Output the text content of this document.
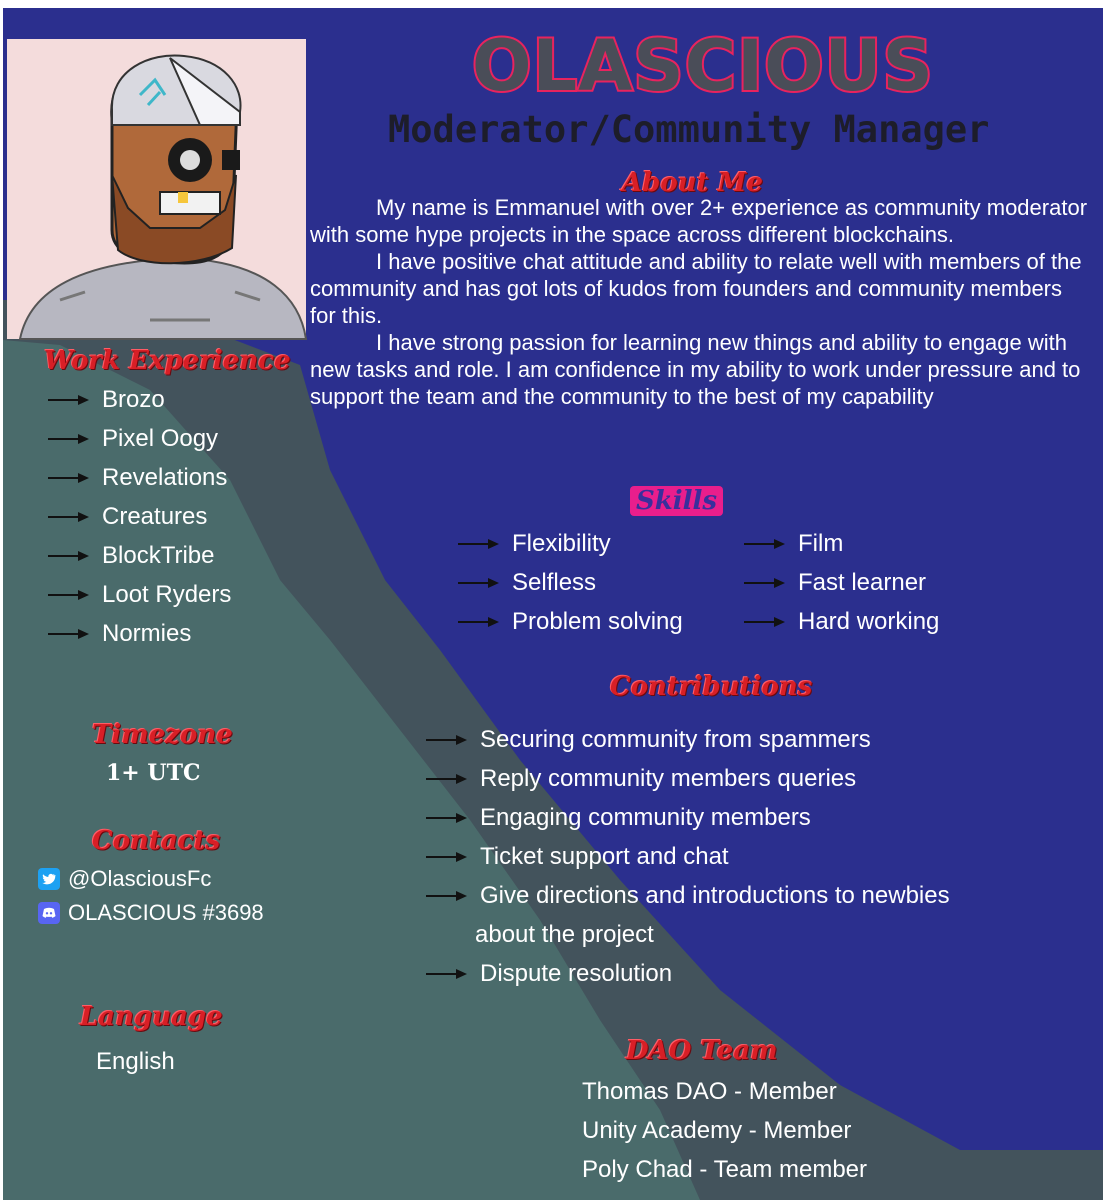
OLASCIOUS
Moderator/Community Manager
About Me

My name is Emmanuel with over 2+ experience as community moderator with some hype projects in the space across different blockchains.

I have positive chat attitude and ability to relate well with members of the community and has got lots of kudos from founders and community members for this.

I have strong passion for learning new things and ability to engage with new tasks and role. I am confidence in my ability to work under pressure and to support the team and the community to the best of my capability

Work Experience
Brozo
Pixel Oogy
Revelations
Creatures
BlockTribe
Loot Ryders
Normies
Skills
Flexibility
Selfless
Problem solving
Film
Fast learner
Hard working
Contributions
Securing community from spammers
Reply community members queries
Engaging community members
Ticket support and chat
Give directions and introductions to newbies
about the project
Dispute resolution
Timezone
1+ UTC
Contacts
@OlasciousFc
OLASCIOUS #3698
Language
English	DAO Team
Thomas DAO - Member
Unity Academy - Member
Poly Chad - Team member
